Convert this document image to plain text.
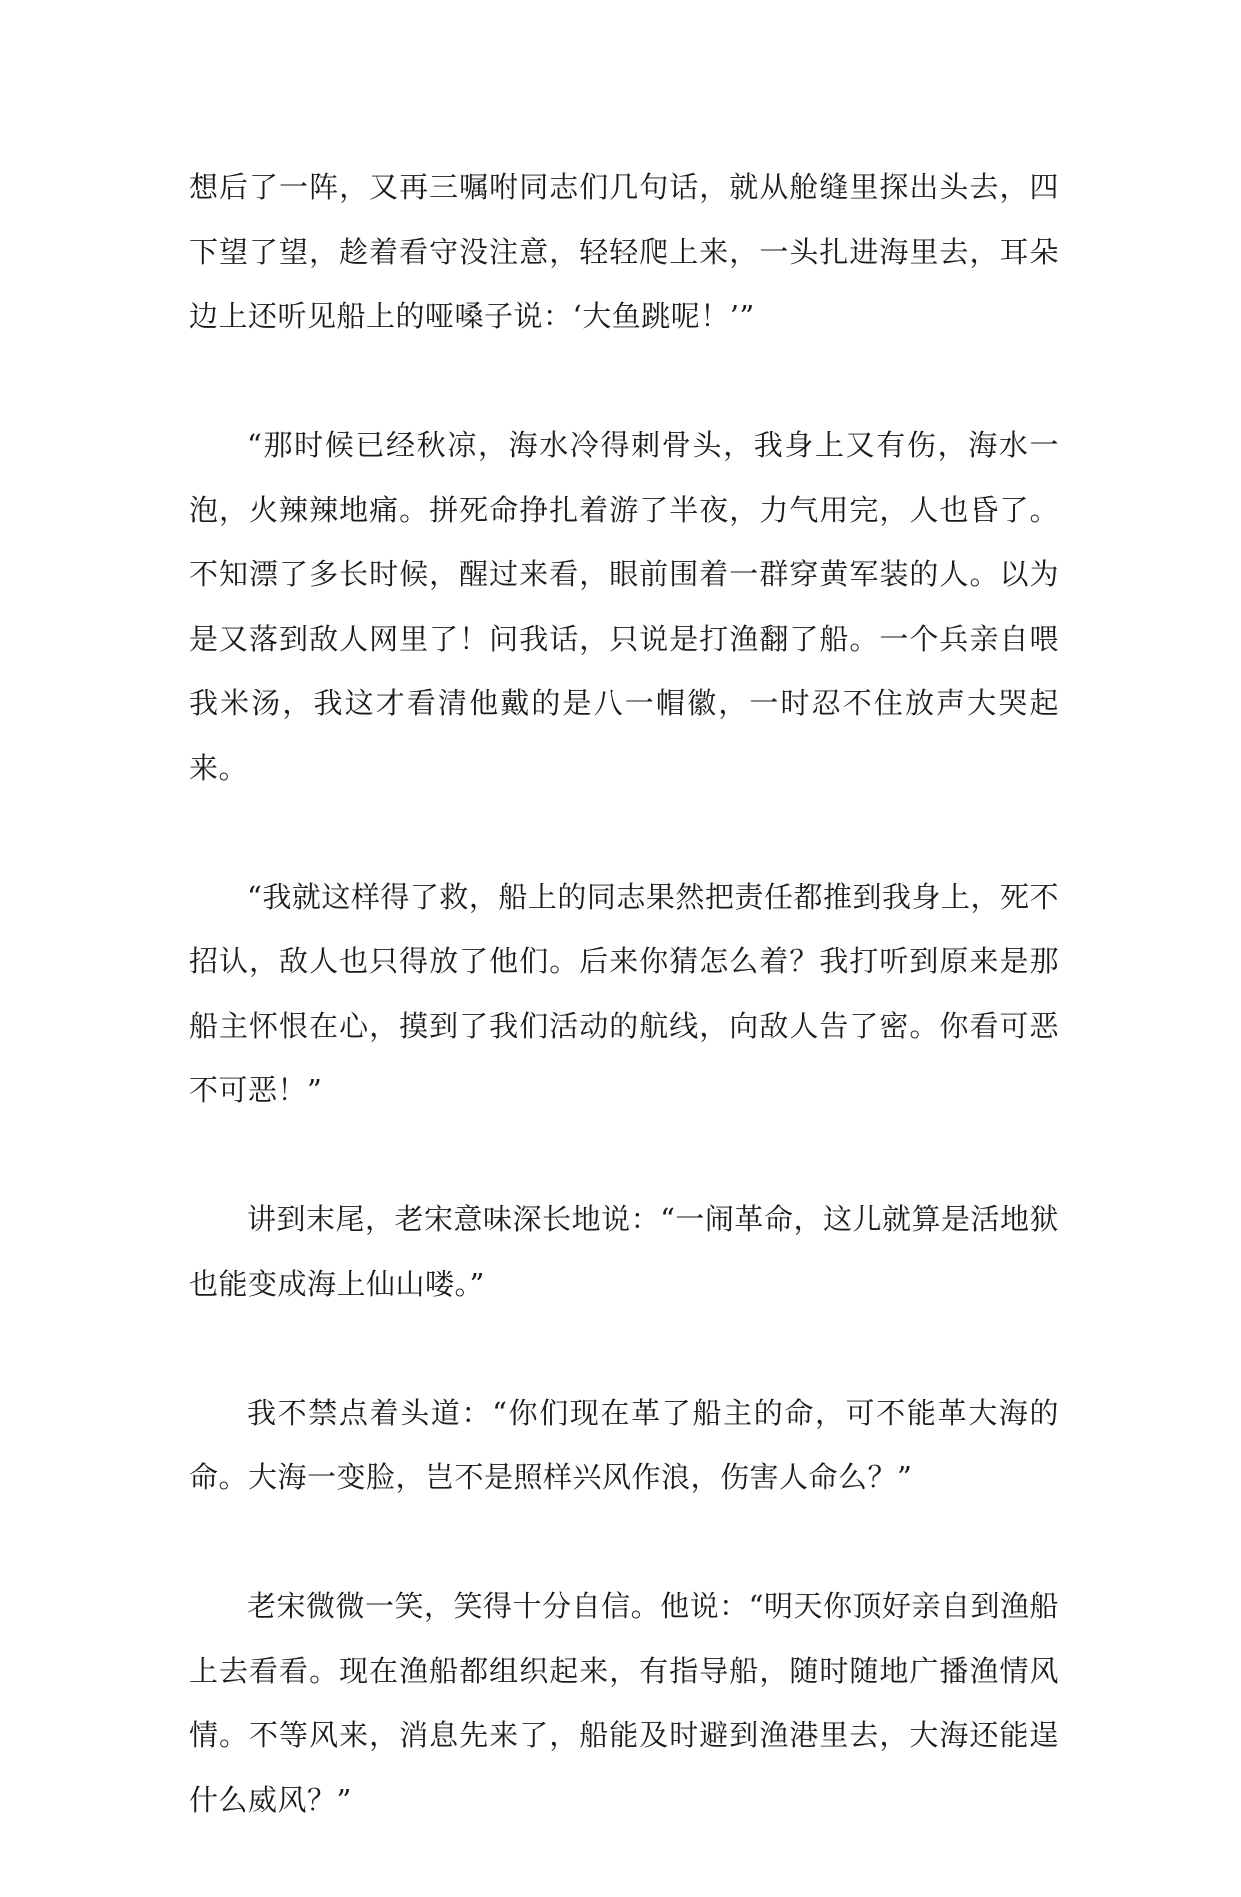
想后了一阵，又再三嘱咐同志们几句话，就从舱缝里探出头去，四下望了望，趁着看守没注意，轻轻爬上来，一头扎进海里去，耳朵边上还听见船上的哑嗓子说：‘大鱼跳呢！’”

“那时候已经秋凉，海水冷得刺骨头，我身上又有伤，海水一泡，火辣辣地痛。拼死命挣扎着游了半夜，力气用完，人也昏了。不知漂了多长时候，醒过来看，眼前围着一群穿黄军装的人。以为是又落到敌人网里了！问我话，只说是打渔翻了船。一个兵亲自喂我米汤，我这才看清他戴的是八一帽徽，一时忍不住放声大哭起来。

“我就这样得了救，船上的同志果然把责任都推到我身上，死不招认，敌人也只得放了他们。后来你猜怎么着？我打听到原来是那船主怀恨在心，摸到了我们活动的航线，向敌人告了密。你看可恶不可恶！”

讲到末尾，老宋意味深长地说：“一闹革命，这儿就算是活地狱也能变成海上仙山喽。”

我不禁点着头道：“你们现在革了船主的命，可不能革大海的命。大海一变脸，岂不是照样兴风作浪，伤害人命么？”

老宋微微一笑，笑得十分自信。他说：“明天你顶好亲自到渔船上去看看。现在渔船都组织起来，有指导船，随时随地广播渔情风情。不等风来，消息先来了，船能及时避到渔港里去，大海还能逞什么威风？”
